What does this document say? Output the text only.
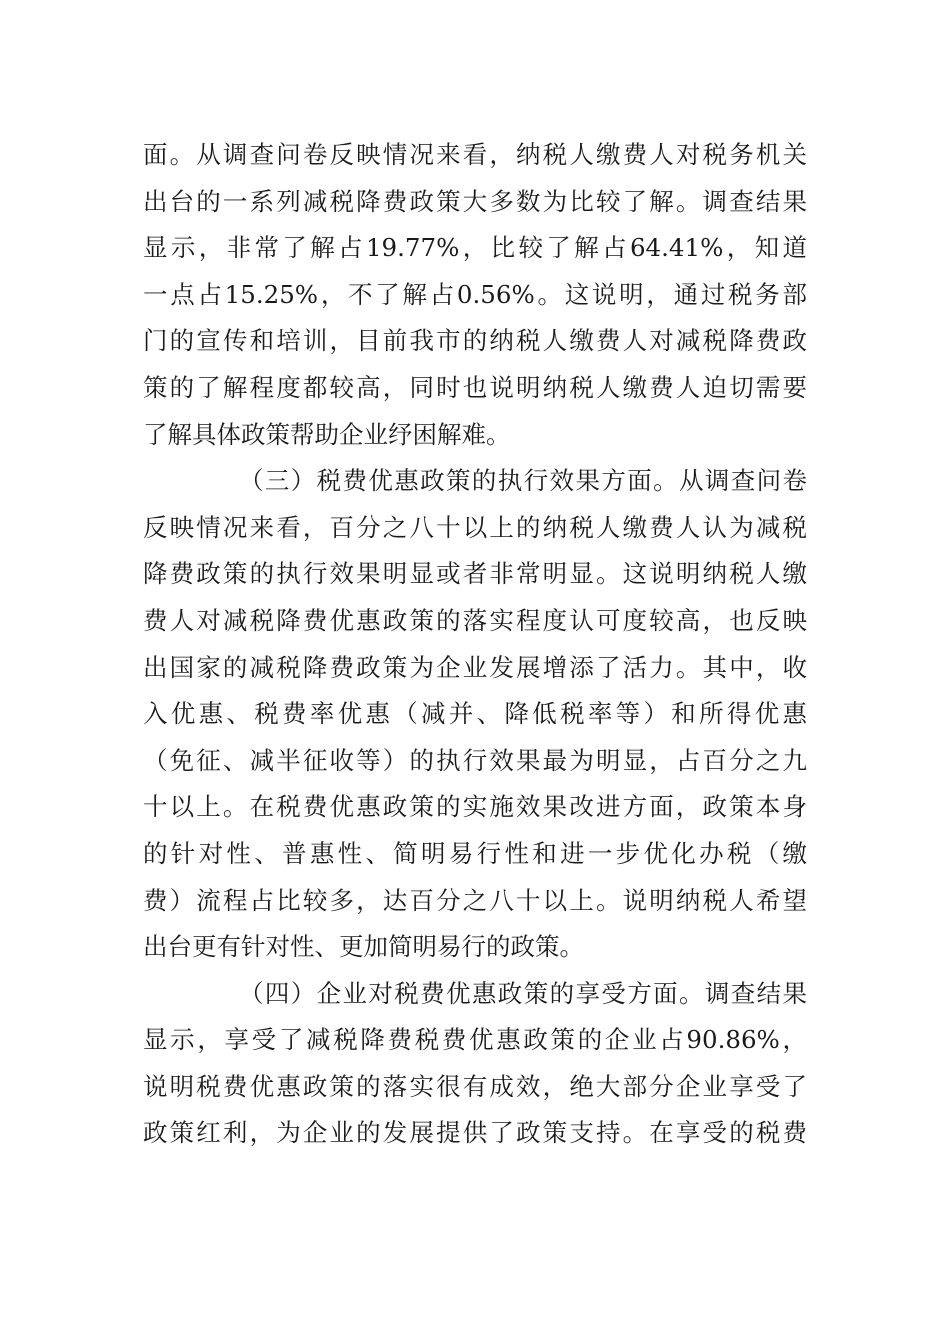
面。从调查问卷反映情况来看，纳税人缴费人对税务机关
出台的一系列减税降费政策大多数为比较了解。调查结果
显示，非常了解占19.77%，比较了解占64.41%，知道
一点占15.25%，不了解占0.56%。这说明，通过税务部
门的宣传和培训，目前我市的纳税人缴费人对减税降费政
策的了解程度都较高，同时也说明纳税人缴费人迫切需要
了解具体政策帮助企业纾困解难。
（三）税费优惠政策的执行效果方面。从调查问卷
反映情况来看，百分之八十以上的纳税人缴费人认为减税
降费政策的执行效果明显或者非常明显。这说明纳税人缴
费人对减税降费优惠政策的落实程度认可度较高，也反映
出国家的减税降费政策为企业发展增添了活力。其中，收
入优惠、税费率优惠（减并、降低税率等）和所得优惠
（免征、减半征收等）的执行效果最为明显，占百分之九
十以上。在税费优惠政策的实施效果改进方面，政策本身
的针对性、普惠性、简明易行性和进一步优化办税（缴
费）流程占比较多，达百分之八十以上。说明纳税人希望
出台更有针对性、更加简明易行的政策。
（四）企业对税费优惠政策的享受方面。调查结果
显示，享受了减税降费税费优惠政策的企业占90.86%，
说明税费优惠政策的落实很有成效，绝大部分企业享受了
政策红利，为企业的发展提供了政策支持。在享受的税费
